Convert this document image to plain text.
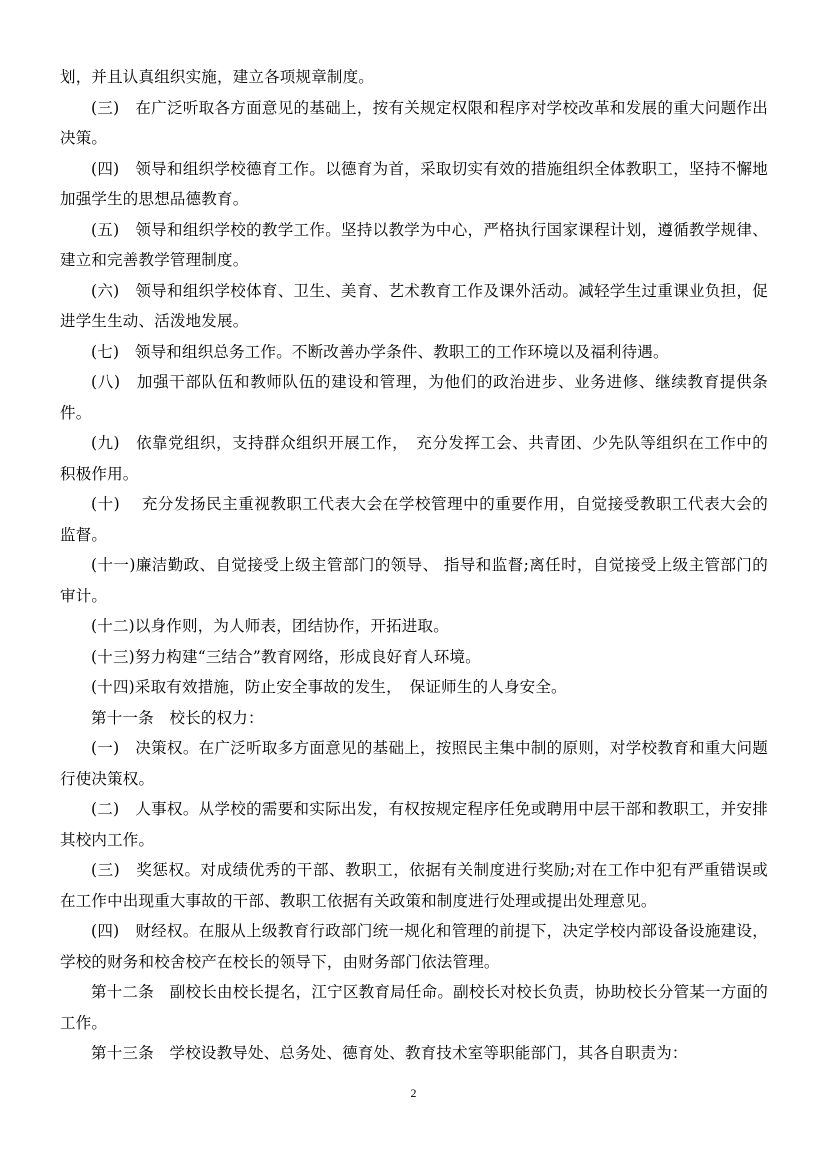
划，并且认真组织实施，建立各项规章制度。

(三)　在广泛听取各方面意见的基础上，按有关规定权限和程序对学校改革和发展的重大问题作出决策。

(四)　领导和组织学校德育工作。以德育为首，采取切实有效的措施组织全体教职工，坚持不懈地加强学生的思想品德教育。

(五)　领导和组织学校的教学工作。坚持以教学为中心，严格执行国家课程计划，遵循教学规律、建立和完善教学管理制度。

(六)　领导和组织学校体育、卫生、美育、艺术教育工作及课外活动。减轻学生过重课业负担，促进学生生动、活泼地发展。

(七)　领导和组织总务工作。不断改善办学条件、教职工的工作环境以及福利待遇。

(八)　加强干部队伍和教师队伍的建设和管理，为他们的政治进步、业务进修、继续教育提供条件。

(九)　依靠党组织，支持群众组织开展工作，　充分发挥工会、共青团、少先队等组织在工作中的积极作用。

(十)　 充分发扬民主重视教职工代表大会在学校管理中的重要作用，自觉接受教职工代表大会的监督。

(十一)廉洁勤政、自觉接受上级主管部门的领导、 指导和监督;离任时，自觉接受上级主管部门的审计。

(十二)以身作则，为人师表，团结协作，开拓进取。

(十三)努力构建“三结合”教育网络，形成良好育人环境。

(十四)采取有效措施，防止安全事故的发生，　保证师生的人身安全。

第十一条　校长的权力：

(一)　决策权。在广泛听取多方面意见的基础上，按照民主集中制的原则，对学校教育和重大问题行使决策权。

(二)　人事权。从学校的需要和实际出发，有权按规定程序任免或聘用中层干部和教职工，并安排其校内工作。

(三)　奖惩权。对成绩优秀的干部、教职工，依据有关制度进行奖励;对在工作中犯有严重错误或在工作中出现重大事故的干部、教职工依据有关政策和制度进行处理或提出处理意见。

(四)　财经权。在服从上级教育行政部门统一规化和管理的前提下，决定学校内部设备设施建设，学校的财务和校舍校产在校长的领导下，由财务部门依法管理。

第十二条　副校长由校长提名，江宁区教育局任命。副校长对校长负责，协助校长分管某一方面的工作。

第十三条　学校设教导处、总务处、德育处、教育技术室等职能部门，其各自职责为：

2
